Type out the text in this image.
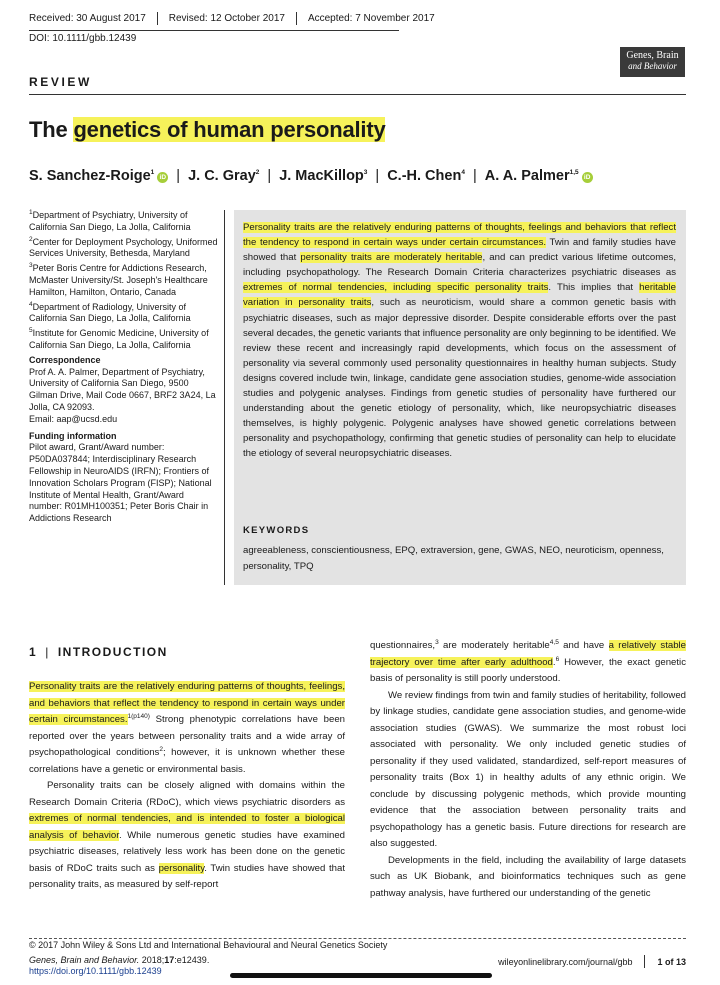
Received: 30 August 2017 Revised: 12 October 2017 Accepted: 7 November 2017
DOI: 10.1111/gbb.12439
Genes, Brain
and Behavior
REVIEW
The genetics of human personality
S. Sanchez-Roige$^1$iD | J. C. Gray$^2$ | J. MacKillop$^3$ | C.-H. Chen$^4$ | A. A. Palmer$^{1,5}$iD
$^1$Department of Psychiatry, University of California San Diego, La Jolla, California
$^2$Center for Deployment Psychology, Uniformed Services University, Bethesda, Maryland
$^3$Peter Boris Centre for Addictions Research, McMaster University/St. Joseph's Healthcare Hamilton, Hamilton, Ontario, Canada
$^4$Department of Radiology, University of California San Diego, La Jolla, California
$^5$Institute for Genomic Medicine, University of California San Diego, La Jolla, California
Correspondence
Prof A. A. Palmer, Department of Psychiatry, University of California San Diego, 9500 Gilman Drive, Mail Code 0667, BRF2 3A24, La Jolla, CA 92093.
Email: aap@ucsd.edu
Funding information
Pilot award, Grant/Award number: P50DA037844; Interdisciplinary Research Fellowship in NeuroAIDS (IRFN); Frontiers of Innovation Scholars Program (FISP); National Institute of Mental Health, Grant/Award number: R01MH100351; Peter Boris Chair in Addictions Research

Personality traits are the relatively enduring patterns of thoughts, feelings and behaviors that reflect the tendency to respond in certain ways under certain circumstances. Twin and family studies have showed that personality traits are moderately heritable, and can predict various lifetime outcomes, including psychopathology. The Research Domain Criteria characterizes psychiatric diseases as extremes of normal tendencies, including specific personality traits. This implies that heritable variation in personality traits, such as neuroticism, would share a common genetic basis with psychiatric diseases, such as major depressive disorder. Despite considerable efforts over the past several decades, the genetic variants that influence personality are only beginning to be identified. We review these recent and increasingly rapid developments, which focus on the assessment of personality via several commonly used personality questionnaires in healthy human subjects. Study designs covered include twin, linkage, candidate gene association studies, genome-wide association studies and polygenic analyses. Findings from genetic studies of personality have furthered our understanding about the genetic etiology of personality, which, like neuropsychiatric diseases themselves, is highly polygenic. Polygenic analyses have showed genetic correlations between personality and psychopathology, confirming that genetic studies of personality can help to elucidate the etiology of several neuropsychiatric diseases.

KEYWORDS
agreeableness, conscientiousness, EPQ, extraversion, gene, GWAS, NEO, neuroticism, openness, personality, TPQ
1 | INTRODUCTION

Personality traits are the relatively enduring patterns of thoughts, feelings, and behaviors that reflect the tendency to respond in certain ways under certain circumstances.$^{1(p140)}$ Strong phenotypic correlations have been reported over the years between personality traits and a wide array of psychopathological conditions$^2$; however, it is unknown whether these correlations have a genetic or environmental basis.

Personality traits can be closely aligned with domains within the Research Domain Criteria (RDoC), which views psychiatric disorders as extremes of normal tendencies, and is intended to foster a biological analysis of behavior. While numerous genetic studies have examined psychiatric diseases, relatively less work has been done on the genetic basis of RDoC traits such as personality. Twin studies have showed that personality traits, as measured by self-report

questionnaires,$^3$ are moderately heritable$^{4,5}$ and have a relatively stable trajectory over time after early adulthood.$^6$ However, the exact genetic basis of personality is still poorly understood.

We review findings from twin and family studies of heritability, followed by linkage studies, candidate gene association studies, and genome-wide association studies (GWAS). We summarize the most robust loci associated with personality. We only included genetic studies of personality if they used validated, standardized, self-report measures of personality traits (Box 1) in healthy adults of any ethnic origin. We conclude by discussing polygenic methods, which provide mounting evidence that the association between personality traits and psychopathology has a genetic basis. Future directions for research are also suggested.

Developments in the field, including the availability of large datasets such as UK Biobank, and bioinformatics techniques such as gene pathway analysis, have furthered our understanding of the genetic

© 2017 John Wiley & Sons Ltd and International Behavioural and Neural Genetics Society
Genes, Brain and Behavior. 2018;17:e12439.
https://doi.org/10.1111/gbb.12439
wileyonlinelibrary.com/journal/gbb	1 of 13
